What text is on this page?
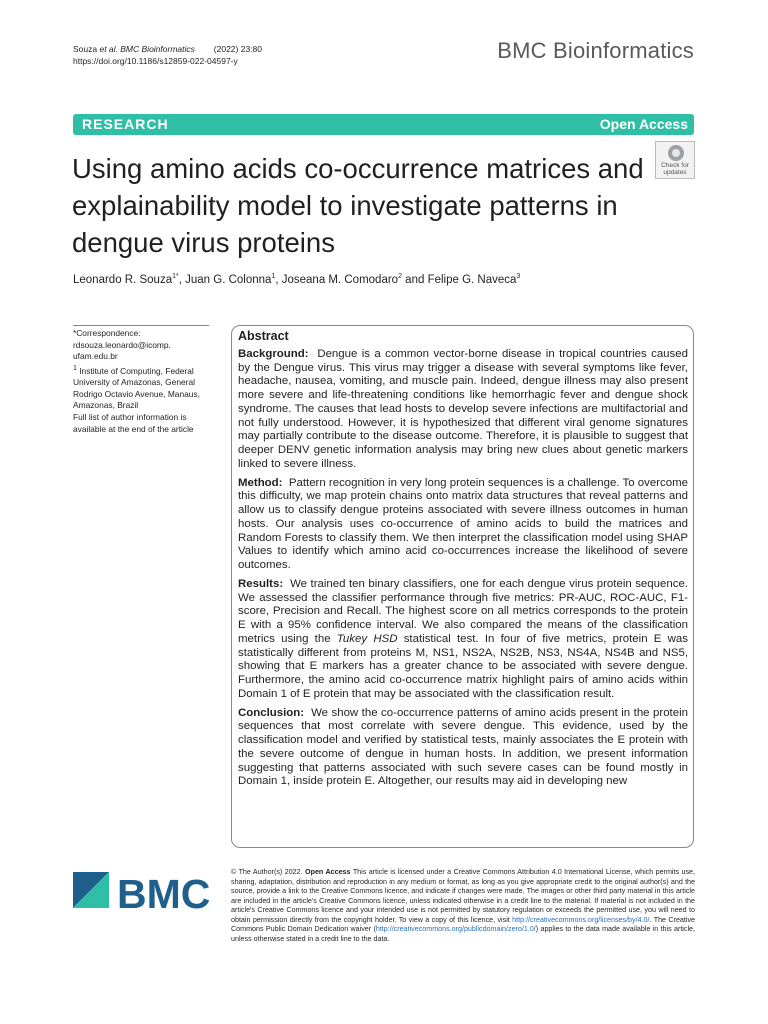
Souza et al. BMC Bioinformatics (2022) 23:80
https://doi.org/10.1186/s12859-022-04597-y	BMC Bioinformatics
RESEARCH	Open Access
Using amino acids co-occurrence matrices and explainability model to investigate patterns in dengue virus proteins
Check for
updates
Leonardo R. Souza$^{1*}$, Juan G. Colonna$^1$, Joseana M. Comodaro$^2$ and Felipe G. Naveca$^3$
*Correspondence:
rdsouza.leonardo@icomp.
ufam.edu.br
$^1$ Institute of Computing, Federal University of Amazonas, General Rodrigo Octavio Avenue, Manaus, Amazonas, Brazil
Full list of author information is available at the end of the article
Abstract

Background: Dengue is a common vector-borne disease in tropical countries caused by the Dengue virus. This virus may trigger a disease with several symptoms like fever, headache, nausea, vomiting, and muscle pain. Indeed, dengue illness may also present more severe and life-threatening conditions like hemorrhagic fever and dengue shock syndrome. The causes that lead hosts to develop severe infections are multifactorial and not fully understood. However, it is hypothesized that different viral genome signatures may partially contribute to the disease outcome. Therefore, it is plausible to suggest that deeper DENV genetic information analysis may bring new clues about genetic markers linked to severe illness.

Method: Pattern recognition in very long protein sequences is a challenge. To overcome this difficulty, we map protein chains onto matrix data structures that reveal patterns and allow us to classify dengue proteins associated with severe illness outcomes in human hosts. Our analysis uses co-occurrence of amino acids to build the matrices and Random Forests to classify them. We then interpret the classification model using SHAP Values to identify which amino acid co-occurrences increase the likelihood of severe outcomes.

Results: We trained ten binary classifiers, one for each dengue virus protein sequence. We assessed the classifier performance through five metrics: PR-AUC, ROC-AUC, F1-score, Precision and Recall. The highest score on all metrics corresponds to the protein E with a 95% confidence interval. We also compared the means of the classification metrics using the Tukey HSD statistical test. In four of five metrics, protein E was statistically different from proteins M, NS1, NS2A, NS2B, NS3, NS4A, NS4B and NS5, showing that E markers has a greater chance to be associated with severe dengue. Furthermore, the amino acid co-occurrence matrix highlight pairs of amino acids within Domain 1 of E protein that may be associated with the classification result.

Conclusion: We show the co-occurrence patterns of amino acids present in the protein sequences that most correlate with severe dengue. This evidence, used by the classification model and verified by statistical tests, mainly associates the E protein with the severe outcome of dengue in human hosts. In addition, we present information suggesting that patterns associated with such severe cases can be found mostly in Domain 1, inside protein E. Altogether, our results may aid in developing new

BMC	© The Author(s) 2022. Open Access This article is licensed under a Creative Commons Attribution 4.0 International License, which permits use, sharing, adaptation, distribution and reproduction in any medium or format, as long as you give appropriate credit to the original author(s) and the source, provide a link to the Creative Commons licence, and indicate if changes were made. The images or other third party material in this article are included in the article's Creative Commons licence, unless indicated otherwise in a credit line to the material. If material is not included in the article's Creative Commons licence and your intended use is not permitted by statutory regulation or exceeds the permitted use, you will need to obtain permission directly from the copyright holder. To view a copy of this licence, visit http://creativecommons.org/licenses/by/4.0/. The Creative Commons Public Domain Dedication waiver (http://creativecommons.org/publicdomain/zero/1.0/) applies to the data made available in this article, unless otherwise stated in a credit line to the data.
